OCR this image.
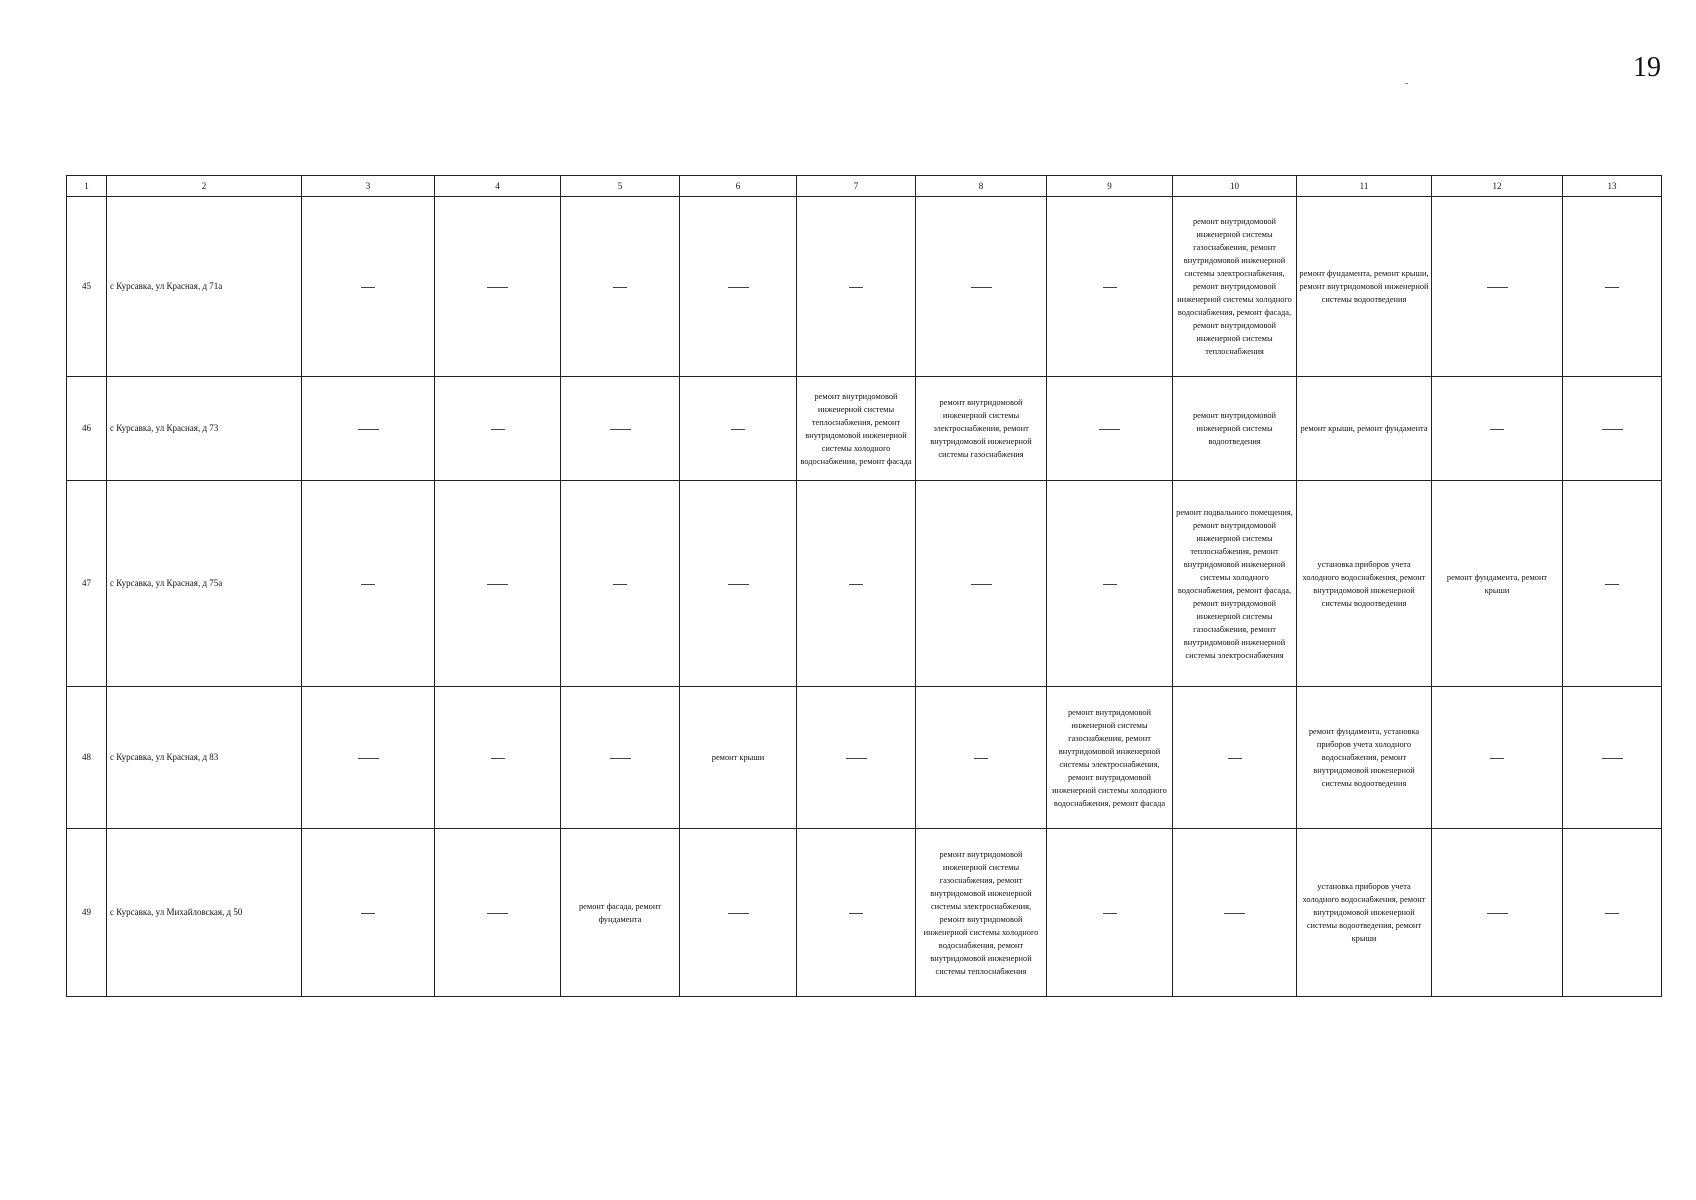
19
1	2	3	4	5	6	7	8	9	10	11	12	13
45	с Курсавка, ул Красная, д 71а								ремонт внутридомовой инженерной системы газоснабжения, ремонт внутридомовой инженерной системы электроснабжения, ремонт внутридомовой инженерной системы холодного водоснабжения, ремонт фасада, ремонт внутридомовой инженерной системы теплоснабжения	ремонт фундамента, ремонт крыши, ремонт внутридомовой инженерной системы водоотведения		
46	с Курсавка, ул Красная, д 73					ремонт внутридомовой инженерной системы теплоснабжения, ремонт внутридомовой инженерной системы холодного водоснабжения, ремонт фасада	ремонт внутридомовой инженерной системы электроснабжения, ремонт внутридомовой инженерной системы газоснабжения		ремонт внутридомовой инженерной системы водоотведения	ремонт крыши, ремонт фундамента		
47	с Курсавка, ул Красная, д 75а								ремонт подвального помещения, ремонт внутридомовой инженерной системы теплоснабжения, ремонт внутридомовой инженерной системы холодного водоснабжения, ремонт фасада, ремонт внутридомовой инженерной системы газоснабжения, ремонт внутридомовой инженерной системы электроснабжения	установка приборов учета холодного водоснабжения, ремонт внутридомовой инженерной системы водоотведения	ремонт фундамента, ремонт крыши	
48	с Курсавка, ул Красная, д 83				ремонт крыши			ремонт внутридомовой инженерной системы газоснабжения, ремонт внутридомовой инженерной системы электроснабжения, ремонт внутридомовой инженерной системы холодного водоснабжения, ремонт фасада		ремонт фундамента, установка приборов учета холодного водоснабжения, ремонт внутридомовой инженерной системы водоотведения		
49	с Курсавка, ул Михайловская, д 50			ремонт фасада, ремонт фундамента			ремонт внутридомовой инженерной системы газоснабжения, ремонт внутридомовой инженерной системы электроснабжения, ремонт внутридомовой инженерной системы холодного водоснабжения, ремонт внутридомовой инженерной системы теплоснабжения			установка приборов учета холодного водоснабжения, ремонт внутридомовой инженерной системы водоотведения, ремонт крыши		
